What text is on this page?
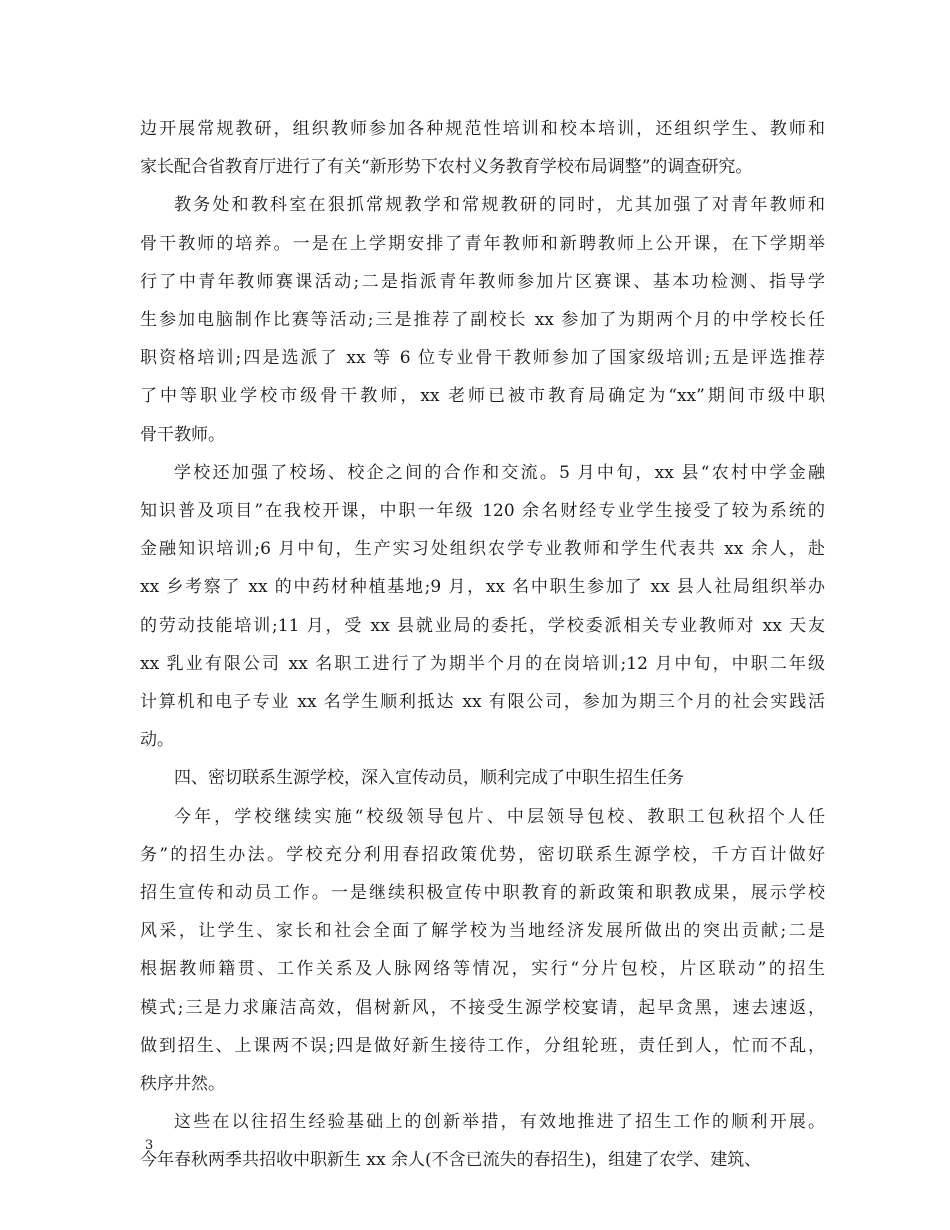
边开展常规教研，组织教师参加各种规范性培训和校本培训，还组织学生、教师和
家长配合省教育厅进行了有关“新形势下农村义务教育学校布局调整”的调查研究。

教务处和教科室在狠抓常规教学和常规教研的同时，尤其加强了对青年教师和
骨干教师的培养。一是在上学期安排了青年教师和新聘教师上公开课，在下学期举
行了中青年教师赛课活动;二是指派青年教师参加片区赛课、基本功检测、指导学
生参加电脑制作比赛等活动;三是推荐了副校长 xx 参加了为期两个月的中学校长任
职资格培训;四是选派了 xx 等 6 位专业骨干教师参加了国家级培训;五是评选推荐
了中等职业学校市级骨干教师，xx 老师已被市教育局确定为“xx”期间市级中职
骨干教师。

学校还加强了校场、校企之间的合作和交流。5 月中旬，xx 县“农村中学金融
知识普及项目”在我校开课，中职一年级 120 余名财经专业学生接受了较为系统的
金融知识培训;6 月中旬，生产实习处组织农学专业教师和学生代表共 xx 余人，赴
xx 乡考察了 xx 的中药材种植基地;9 月，xx 名中职生参加了 xx 县人社局组织举办
的劳动技能培训;11 月，受 xx 县就业局的委托，学校委派相关专业教师对 xx 天友
xx 乳业有限公司 xx 名职工进行了为期半个月的在岗培训;12 月中旬，中职二年级
计算机和电子专业 xx 名学生顺利抵达 xx 有限公司，参加为期三个月的社会实践活
动。

四、密切联系生源学校，深入宣传动员，顺利完成了中职生招生任务

今年，学校继续实施“校级领导包片、中层领导包校、教职工包秋招个人任
务”的招生办法。学校充分利用春招政策优势，密切联系生源学校，千方百计做好
招生宣传和动员工作。一是继续积极宣传中职教育的新政策和职教成果，展示学校
风采，让学生、家长和社会全面了解学校为当地经济发展所做出的突出贡献;二是
根据教师籍贯、工作关系及人脉网络等情况，实行“分片包校，片区联动”的招生
模式;三是力求廉洁高效，倡树新风，不接受生源学校宴请，起早贪黑，速去速返，
做到招生、上课两不误;四是做好新生接待工作，分组轮班，责任到人，忙而不乱，
秩序井然。

这些在以往招生经验基础上的创新举措，有效地推进了招生工作的顺利开展。
今年春秋两季共招收中职新生 xx 余人(不含已流失的春招生)，组建了农学、建筑、

3
